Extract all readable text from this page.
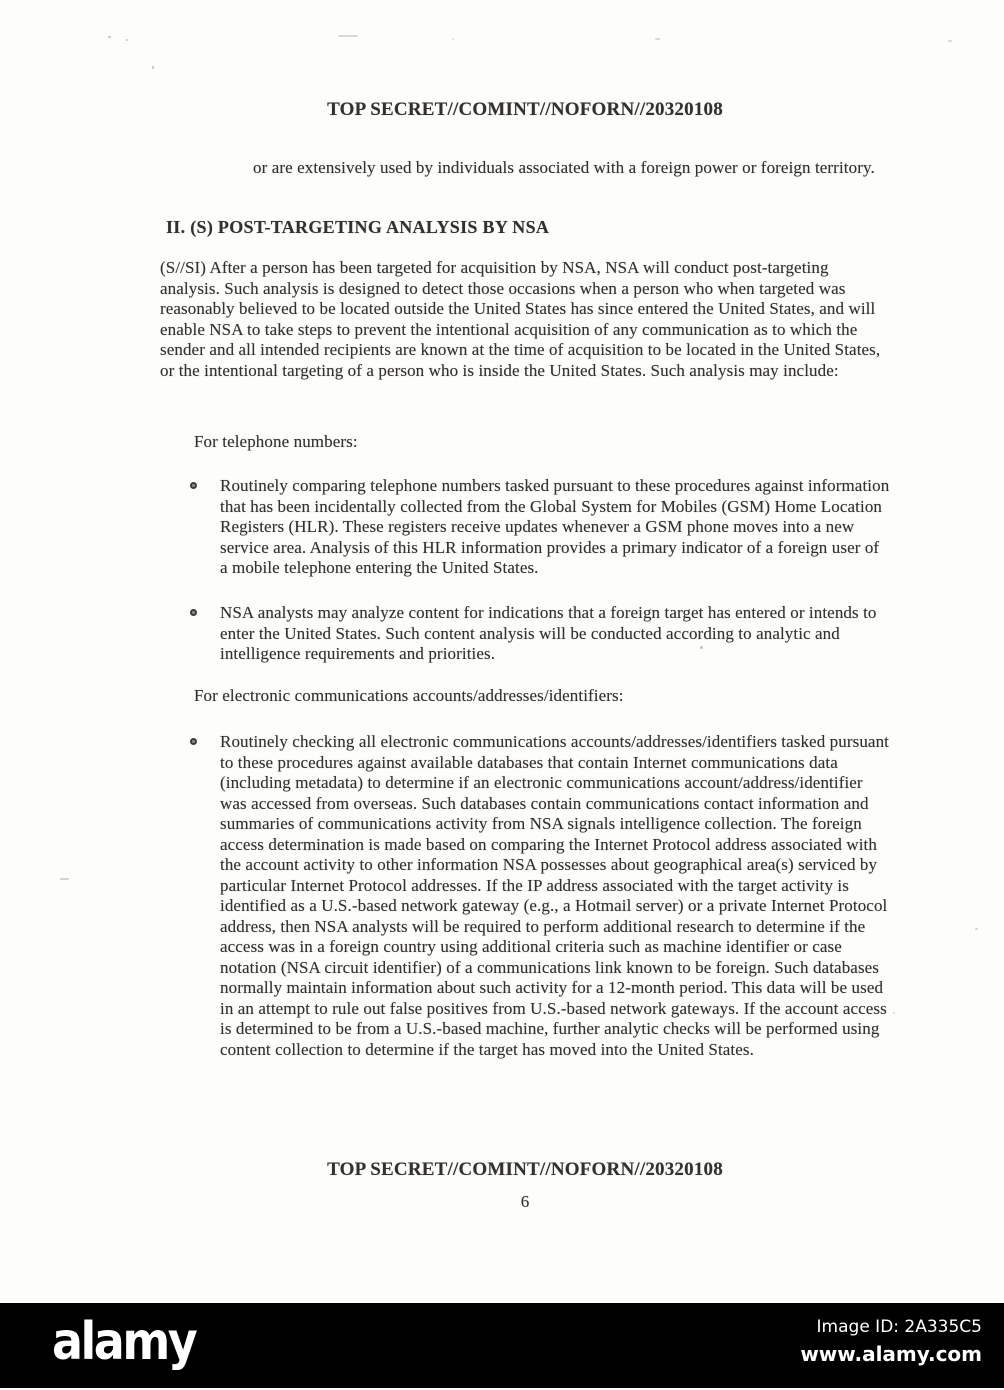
TOP SECRET//COMINT//NOFORN//20320108
or are extensively used by individuals associated with a foreign power or foreign territory.
II. (S) POST-TARGETING ANALYSIS BY NSA
(S//SI) After a person has been targeted for acquisition by NSA, NSA will conduct post-targeting analysis. Such analysis is designed to detect those occasions when a person who when targeted was reasonably believed to be located outside the United States has since entered the United States, and will enable NSA to take steps to prevent the intentional acquisition of any communication as to which the sender and all intended recipients are known at the time of acquisition to be located in the United States, or the intentional targeting of a person who is inside the United States. Such analysis may include:
For telephone numbers:
Routinely comparing telephone numbers tasked pursuant to these procedures against information that has been incidentally collected from the Global System for Mobiles (GSM) Home Location Registers (HLR). These registers receive updates whenever a GSM phone moves into a new service area. Analysis of this HLR information provides a primary indicator of a foreign user of a mobile telephone entering the United States.
NSA analysts may analyze content for indications that a foreign target has entered or intends to enter the United States. Such content analysis will be conducted according to analytic and intelligence requirements and priorities.
For electronic communications accounts/addresses/identifiers:
Routinely checking all electronic communications accounts/addresses/identifiers tasked pursuant to these procedures against available databases that contain Internet communications data (including metadata) to determine if an electronic communications account/address/identifier was accessed from overseas. Such databases contain communications contact information and summaries of communications activity from NSA signals intelligence collection. The foreign access determination is made based on comparing the Internet Protocol address associated with the account activity to other information NSA possesses about geographical area(s) serviced by particular Internet Protocol addresses. If the IP address associated with the target activity is identified as a U.S.-based network gateway (e.g., a Hotmail server) or a private Internet Protocol address, then NSA analysts will be required to perform additional research to determine if the access was in a foreign country using additional criteria such as machine identifier or case notation (NSA circuit identifier) of a communications link known to be foreign. Such databases normally maintain information about such activity for a 12-month period. This data will be used in an attempt to rule out false positives from U.S.-based network gateways. If the account access is determined to be from a U.S.-based machine, further analytic checks will be performed using content collection to determine if the target has moved into the United States.
TOP SECRET//COMINT//NOFORN//20320108
6
alamy	Image ID: 2A335C5
www.alamy.com
